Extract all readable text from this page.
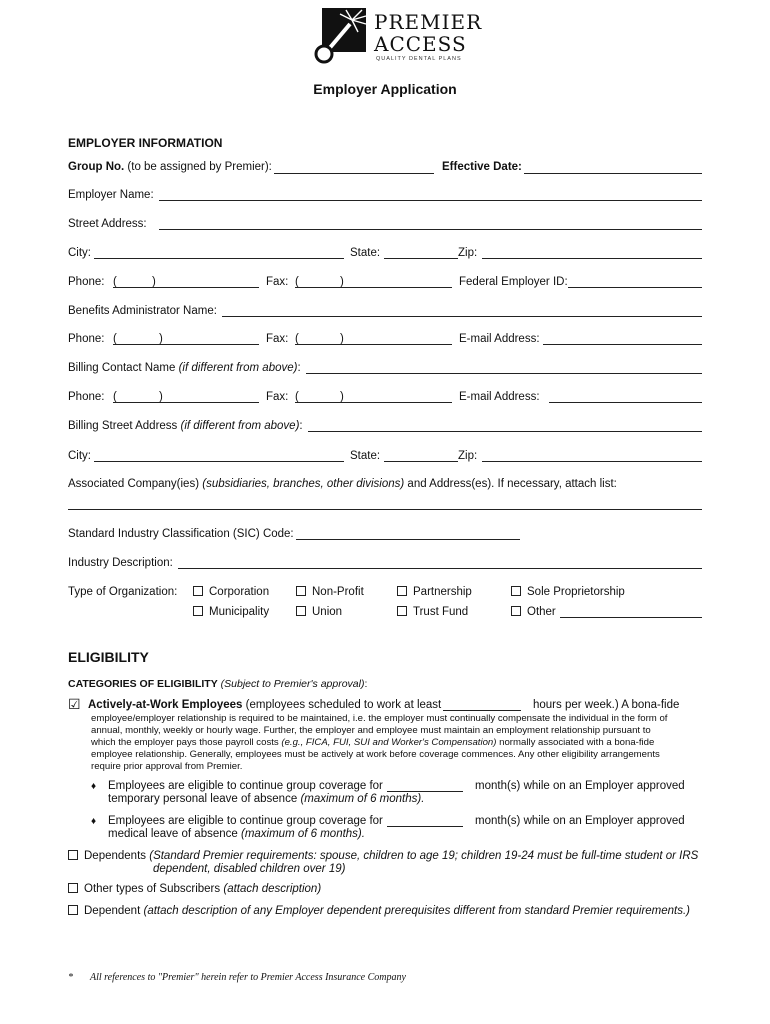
PREMIER
ACCESS
QUALITY DENTAL PLANS
Employer Application
EMPLOYER INFORMATION
Group No. (to be assigned by Premier):	Effective Date:
Employer Name:
Street Address:
City:	State:	Zip:
Phone: (	)	Fax: (	)	Federal Employer ID:
Benefits Administrator Name:
Phone: (	)	Fax: (	)	E-mail Address:
Billing Contact Name (if different from above):
Phone: (	)	Fax: (	)	E-mail Address:
Billing Street Address (if different from above):
City:	State:	Zip:
Associated Company(ies) (subsidiaries, branches, other divisions) and Address(es). If necessary, attach list:
Standard Industry Classification (SIC) Code:
Industry Description:
Type of Organization:	Corporation	Non-Profit	Partnership	Sole Proprietorship
Municipality	Union	Trust Fund	Other
ELIGIBILITY
CATEGORIES OF ELIGIBILITY (Subject to Premier's approval):
☑ Actively-at-Work Employees (employees scheduled to work at least	hours per week.) A bona-fide
employee/employer relationship is required to be maintained, i.e. the employer must continually compensate the individual in the form of
annual, monthly, weekly or hourly wage. Further, the employer and employee must maintain an employment relationship pursuant to
which the employer pays those payroll costs (e.g., FICA, FUI, SUI and Worker's Compensation) normally associated with a bona-fide
employee relationship. Generally, employees must be actively at work before coverage commences. Any other eligibility arrangements
require prior approval from Premier.
♦ Employees are eligible to continue group coverage for	month(s) while on an Employer approved
temporary personal leave of absence (maximum of 6 months).
♦ Employees are eligible to continue group coverage for	month(s) while on an Employer approved
medical leave of absence (maximum of 6 months).
Dependents (Standard Premier requirements: spouse, children to age 19; children 19-24 must be full-time student or IRS
dependent, disabled children over 19)
Other types of Subscribers (attach description)
Dependent (attach description of any Employer dependent prerequisites different from standard Premier requirements.)
* All references to "Premier" herein refer to Premier Access Insurance Company
